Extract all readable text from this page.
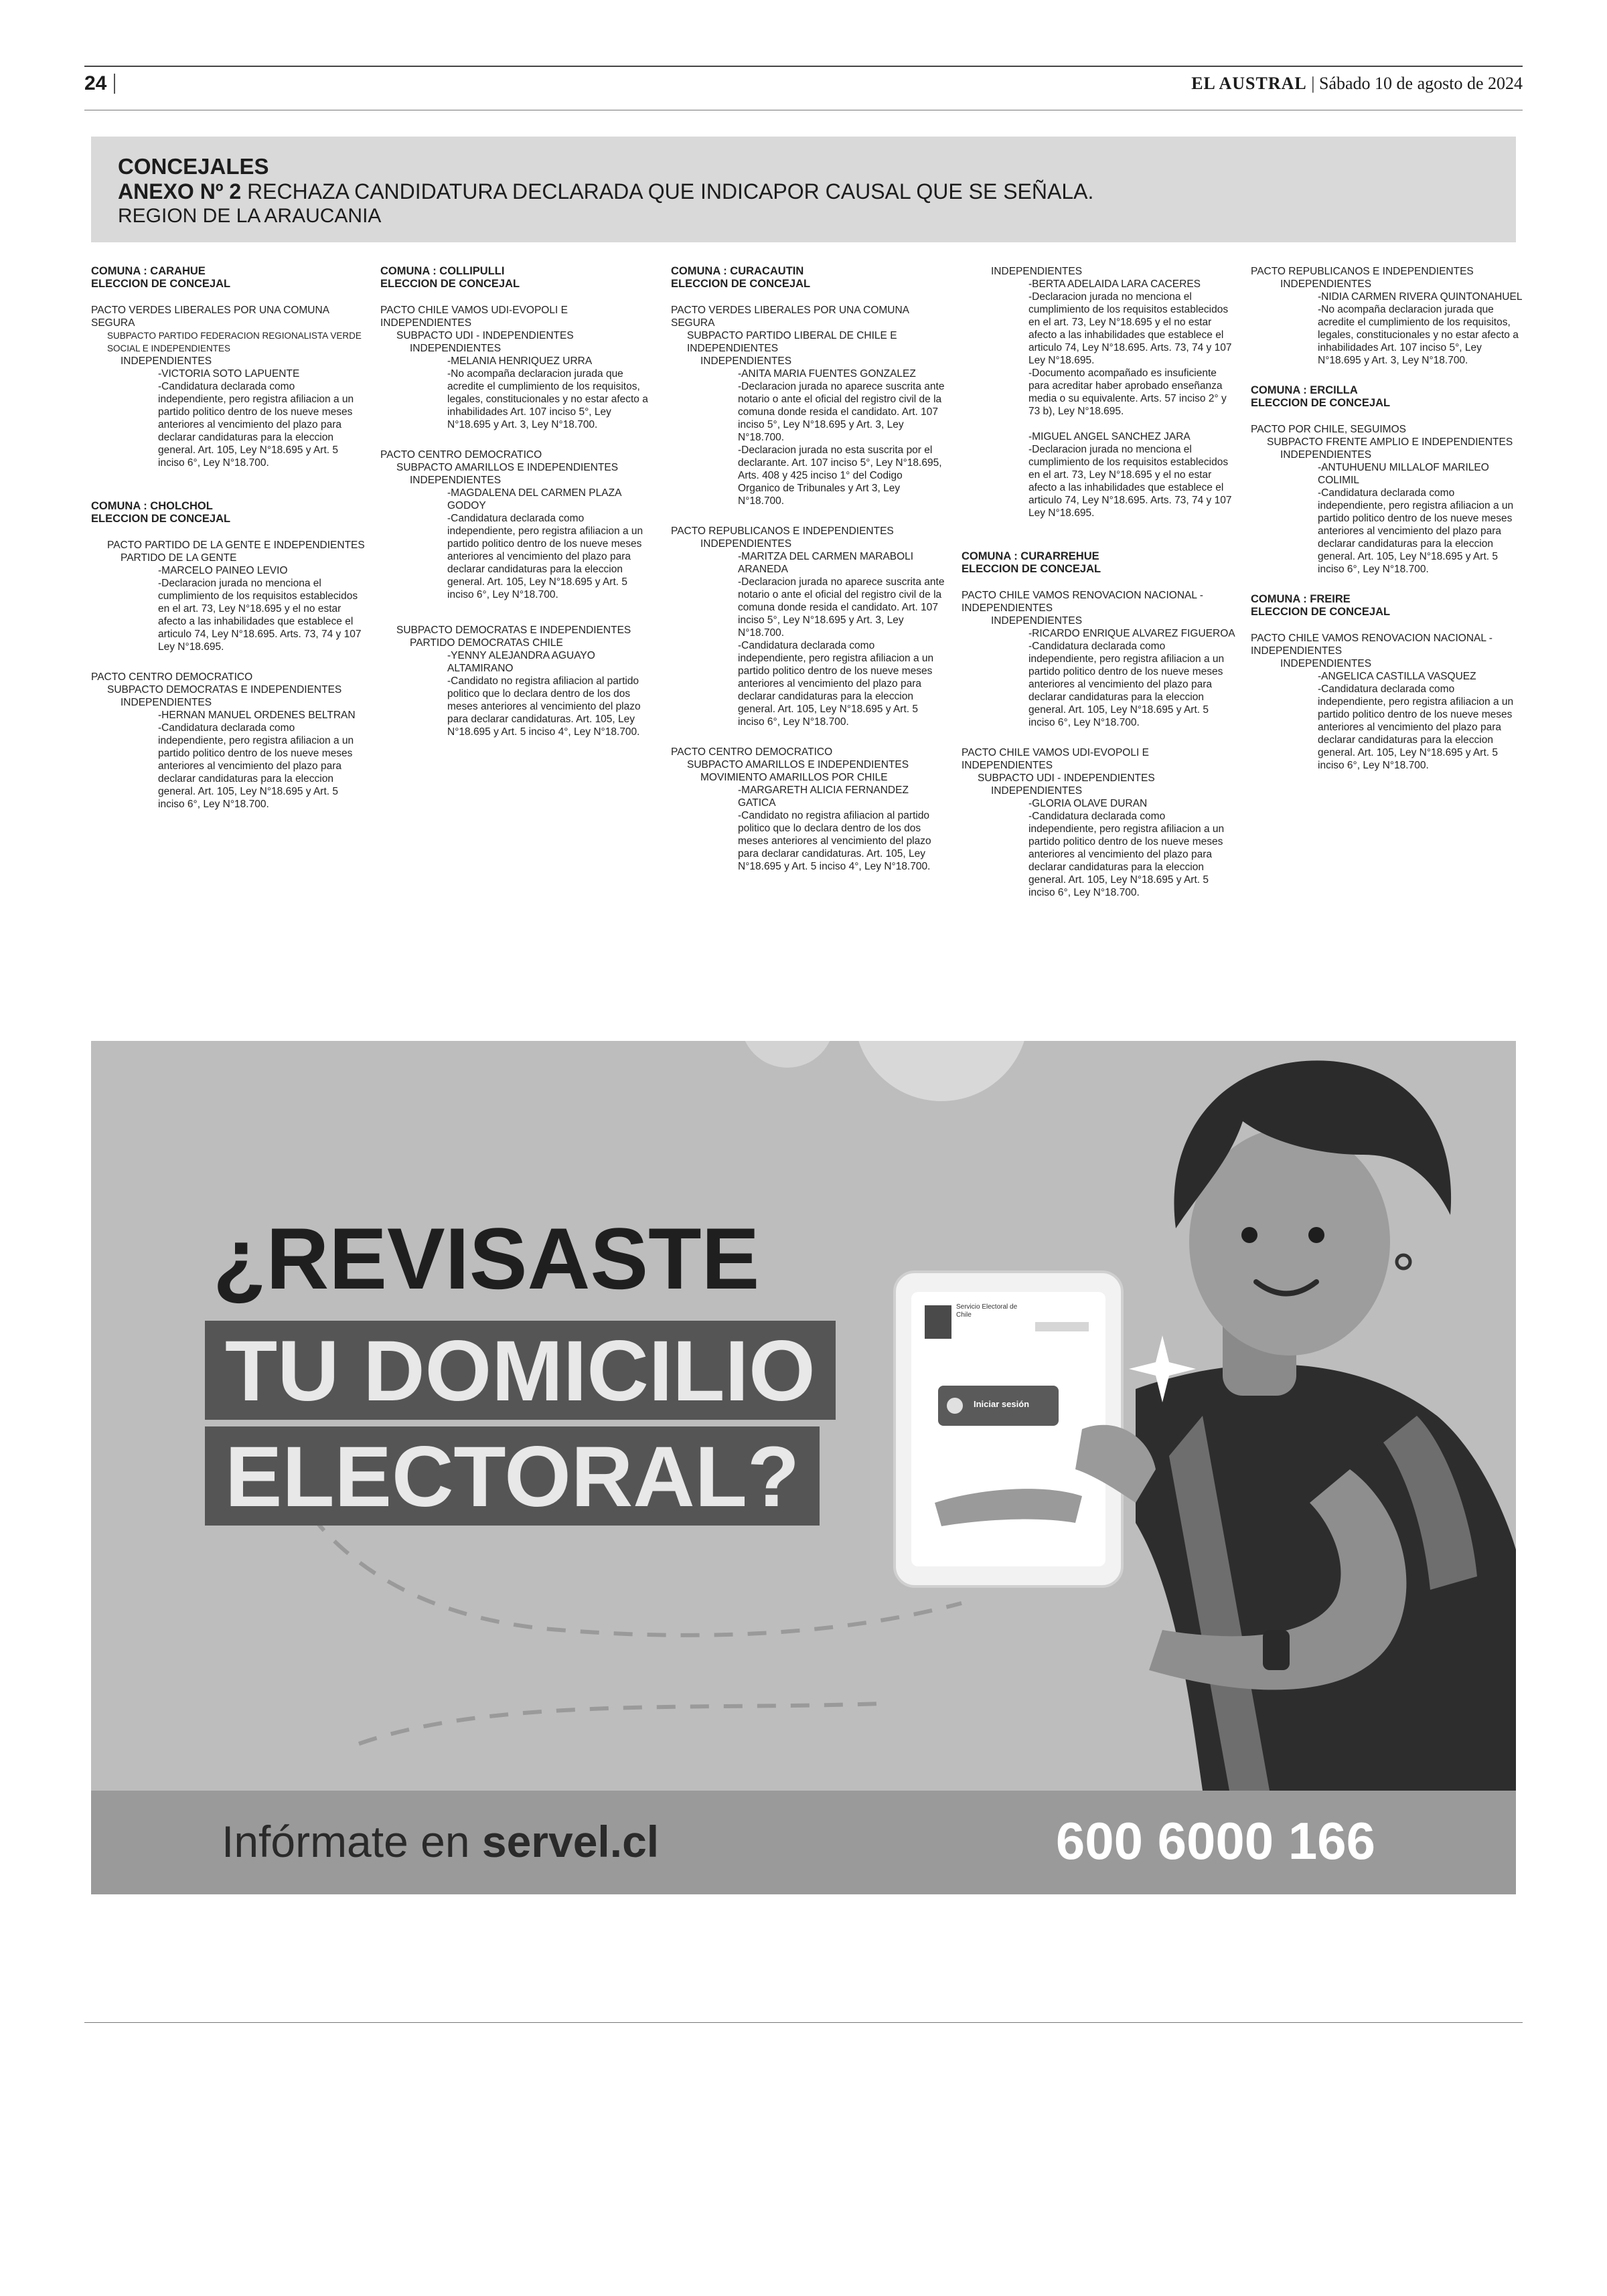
24	EL AUSTRAL | Sábado 10 de agosto de 2024
CONCEJALES
ANEXO Nº 2 RECHAZA CANDIDATURA DECLARADA QUE INDICAPOR CAUSAL QUE SE SEÑALA.
REGION DE LA ARAUCANIA
COMUNA : CARAHUE
ELECCION DE CONCEJAL
PACTO VERDES LIBERALES POR UNA COMUNA SEGURA
SUBPACTO PARTIDO FEDERACION REGIONALISTA VERDE SOCIAL E INDEPENDIENTES
INDEPENDIENTES

-VICTORIA SOTO LAPUENTE

-Candidatura declarada como independiente, pero registra afiliacion a un partido politico dentro de los nueve meses anteriores al vencimiento del plazo para declarar candidaturas para la eleccion general. Art. 105, Ley N°18.695 y Art. 5 inciso 6°, Ley N°18.700.

COMUNA : CHOLCHOL
ELECCION DE CONCEJAL
PACTO PARTIDO DE LA GENTE E INDEPENDIENTES
PARTIDO DE LA GENTE

-MARCELO PAINEO LEVIO

-Declaracion jurada no menciona el cumplimiento de los requisitos establecidos en el art. 73, Ley N°18.695 y el no estar afecto a las inhabilidades que establece el articulo 74, Ley N°18.695. Arts. 73, 74 y 107 Ley N°18.695.

PACTO CENTRO DEMOCRATICO
SUBPACTO DEMOCRATAS E INDEPENDIENTES
INDEPENDIENTES

-HERNAN MANUEL ORDENES BELTRAN

-Candidatura declarada como independiente, pero registra afiliacion a un partido politico dentro de los nueve meses anteriores al vencimiento del plazo para declarar candidaturas para la eleccion general. Art. 105, Ley N°18.695 y Art. 5 inciso 6°, Ley N°18.700.

COMUNA : COLLIPULLI
ELECCION DE CONCEJAL
PACTO CHILE VAMOS UDI-EVOPOLI E INDEPENDIENTES
SUBPACTO UDI - INDEPENDIENTES
INDEPENDIENTES

-MELANIA HENRIQUEZ URRA

-No acompaña declaracion jurada que acredite el cumplimiento de los requisitos, legales, constitucionales y no estar afecto a inhabilidades Art. 107 inciso 5°, Ley N°18.695 y Art. 3, Ley N°18.700.

PACTO CENTRO DEMOCRATICO
SUBPACTO AMARILLOS E INDEPENDIENTES
INDEPENDIENTES

-MAGDALENA DEL CARMEN PLAZA GODOY

-Candidatura declarada como independiente, pero registra afiliacion a un partido politico dentro de los nueve meses anteriores al vencimiento del plazo para declarar candidaturas para la eleccion general. Art. 105, Ley N°18.695 y Art. 5 inciso 6°, Ley N°18.700.

SUBPACTO DEMOCRATAS E INDEPENDIENTES
PARTIDO DEMOCRATAS CHILE

-YENNY ALEJANDRA AGUAYO ALTAMIRANO

-Candidato no registra afiliacion al partido politico que lo declara dentro de los dos meses anteriores al vencimiento del plazo para declarar candidaturas. Art. 105, Ley N°18.695 y Art. 5 inciso 4°, Ley N°18.700.

COMUNA : CURACAUTIN
ELECCION DE CONCEJAL
PACTO VERDES LIBERALES POR UNA COMUNA SEGURA
SUBPACTO PARTIDO LIBERAL DE CHILE E INDEPENDIENTES
INDEPENDIENTES

-ANITA MARIA FUENTES GONZALEZ

-Declaracion jurada no aparece suscrita ante notario o ante el oficial del registro civil de la comuna donde resida el candidato. Art. 107 inciso 5°, Ley N°18.695 y Art. 3, Ley N°18.700.

-Declaracion jurada no esta suscrita por el declarante. Art. 107 inciso 5°, Ley N°18.695, Arts. 408 y 425 inciso 1° del Codigo Organico de Tribunales y Art 3, Ley N°18.700.

PACTO REPUBLICANOS E INDEPENDIENTES
INDEPENDIENTES

-MARITZA DEL CARMEN MARABOLI ARANEDA

-Declaracion jurada no aparece suscrita ante notario o ante el oficial del registro civil de la comuna donde resida el candidato. Art. 107 inciso 5°, Ley N°18.695 y Art. 3, Ley N°18.700.

-Candidatura declarada como independiente, pero registra afiliacion a un partido politico dentro de los nueve meses anteriores al vencimiento del plazo para declarar candidaturas para la eleccion general. Art. 105, Ley N°18.695 y Art. 5 inciso 6°, Ley N°18.700.

PACTO CENTRO DEMOCRATICO
SUBPACTO AMARILLOS E INDEPENDIENTES
MOVIMIENTO AMARILLOS POR CHILE

-MARGARETH ALICIA FERNANDEZ GATICA

-Candidato no registra afiliacion al partido politico que lo declara dentro de los dos meses anteriores al vencimiento del plazo para declarar candidaturas. Art. 105, Ley N°18.695 y Art. 5 inciso 4°, Ley N°18.700.

INDEPENDIENTES

-BERTA ADELAIDA LARA CACERES

-Declaracion jurada no menciona el cumplimiento de los requisitos establecidos en el art. 73, Ley N°18.695 y el no estar afecto a las inhabilidades que establece el articulo 74, Ley N°18.695. Arts. 73, 74 y 107 Ley N°18.695.

-Documento acompañado es insuficiente para acreditar haber aprobado enseñanza media o su equivalente. Arts. 57 inciso 2° y 73 b), Ley N°18.695.

-MIGUEL ANGEL SANCHEZ JARA

-Declaracion jurada no menciona el cumplimiento de los requisitos establecidos en el art. 73, Ley N°18.695 y el no estar afecto a las inhabilidades que establece el articulo 74, Ley N°18.695. Arts. 73, 74 y 107 Ley N°18.695.

COMUNA : CURARREHUE
ELECCION DE CONCEJAL
PACTO CHILE VAMOS RENOVACION NACIONAL - INDEPENDIENTES
INDEPENDIENTES

-RICARDO ENRIQUE ALVAREZ FIGUEROA

-Candidatura declarada como independiente, pero registra afiliacion a un partido politico dentro de los nueve meses anteriores al vencimiento del plazo para declarar candidaturas para la eleccion general. Art. 105, Ley N°18.695 y Art. 5 inciso 6°, Ley N°18.700.

PACTO CHILE VAMOS UDI-EVOPOLI E INDEPENDIENTES
SUBPACTO UDI - INDEPENDIENTES
INDEPENDIENTES

-GLORIA OLAVE DURAN

-Candidatura declarada como independiente, pero registra afiliacion a un partido politico dentro de los nueve meses anteriores al vencimiento del plazo para declarar candidaturas para la eleccion general. Art. 105, Ley N°18.695 y Art. 5 inciso 6°, Ley N°18.700.

PACTO REPUBLICANOS E INDEPENDIENTES
INDEPENDIENTES

-NIDIA CARMEN RIVERA QUINTONAHUEL

-No acompaña declaracion jurada que acredite el cumplimiento de los requisitos, legales, constitucionales y no estar afecto a inhabilidades Art. 107 inciso 5°, Ley N°18.695 y Art. 3, Ley N°18.700.

COMUNA : ERCILLA
ELECCION DE CONCEJAL
PACTO POR CHILE, SEGUIMOS
SUBPACTO FRENTE AMPLIO E INDEPENDIENTES
INDEPENDIENTES

-ANTUHUENU MILLALOF MARILEO COLIMIL

-Candidatura declarada como independiente, pero registra afiliacion a un partido politico dentro de los nueve meses anteriores al vencimiento del plazo para declarar candidaturas para la eleccion general. Art. 105, Ley N°18.695 y Art. 5 inciso 6°, Ley N°18.700.

COMUNA : FREIRE
ELECCION DE CONCEJAL
PACTO CHILE VAMOS RENOVACION NACIONAL - INDEPENDIENTES
INDEPENDIENTES

-ANGELICA CASTILLA VASQUEZ

-Candidatura declarada como independiente, pero registra afiliacion a un partido politico dentro de los nueve meses anteriores al vencimiento del plazo para declarar candidaturas para la eleccion general. Art. 105, Ley N°18.695 y Art. 5 inciso 6°, Ley N°18.700.

Servicio Electoral de Chile
Iniciar sesión
¿REVISASTE
TU DOMICILIO
ELECTORAL?
Infórmate en servel.cl	600 6000 166
